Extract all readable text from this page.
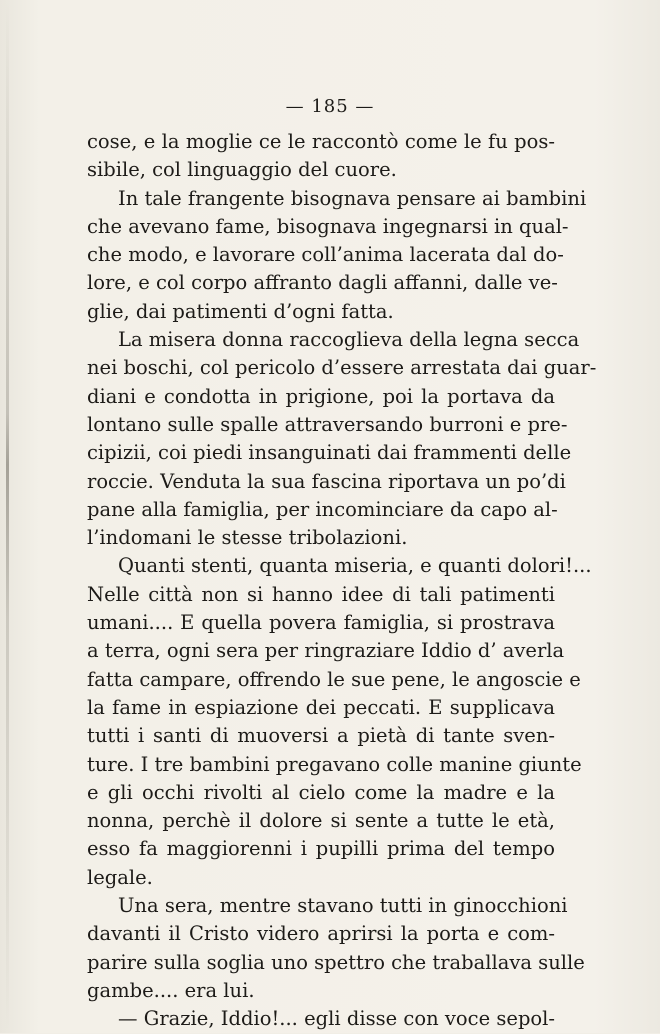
— 185 —
cose, e la moglie ce le raccontò come le fu pos-
sibile, col linguaggio del cuore.
In tale frangente bisognava pensare ai bambini
che avevano fame, bisognava ingegnarsi in qual-
che modo, e lavorare coll’anima lacerata dal do-
lore, e col corpo affranto dagli affanni, dalle ve-
glie, dai patimenti d’ogni fatta.
La misera donna raccoglieva della legna secca
nei boschi, col pericolo d’essere arrestata dai guar-
diani e condotta in prigione, poi la portava da
lontano sulle spalle attraversando burroni e pre-
cipizii, coi piedi insanguinati dai frammenti delle
roccie. Venduta la sua fascina riportava un po’di
pane alla famiglia, per incominciare da capo al-
l’indomani le stesse tribolazioni.
Quanti stenti, quanta miseria, e quanti dolori!...
Nelle città non si hanno idee di tali patimenti
umani.... E quella povera famiglia, si prostrava
a terra, ogni sera per ringraziare Iddio d’ averla
fatta campare, offrendo le sue pene, le angoscie e
la fame in espiazione dei peccati. E supplicava
tutti i santi di muoversi a pietà di tante sven-
ture. I tre bambini pregavano colle manine giunte
e gli occhi rivolti al cielo come la madre e la
nonna, perchè il dolore si sente a tutte le età,
esso fa maggiorenni i pupilli prima del tempo
legale.
Una sera, mentre stavano tutti in ginocchioni
davanti il Cristo videro aprirsi la porta e com-
parire sulla soglia uno spettro che traballava sulle
gambe.... era lui.
— Grazie, Iddio!... egli disse con voce sepol-
